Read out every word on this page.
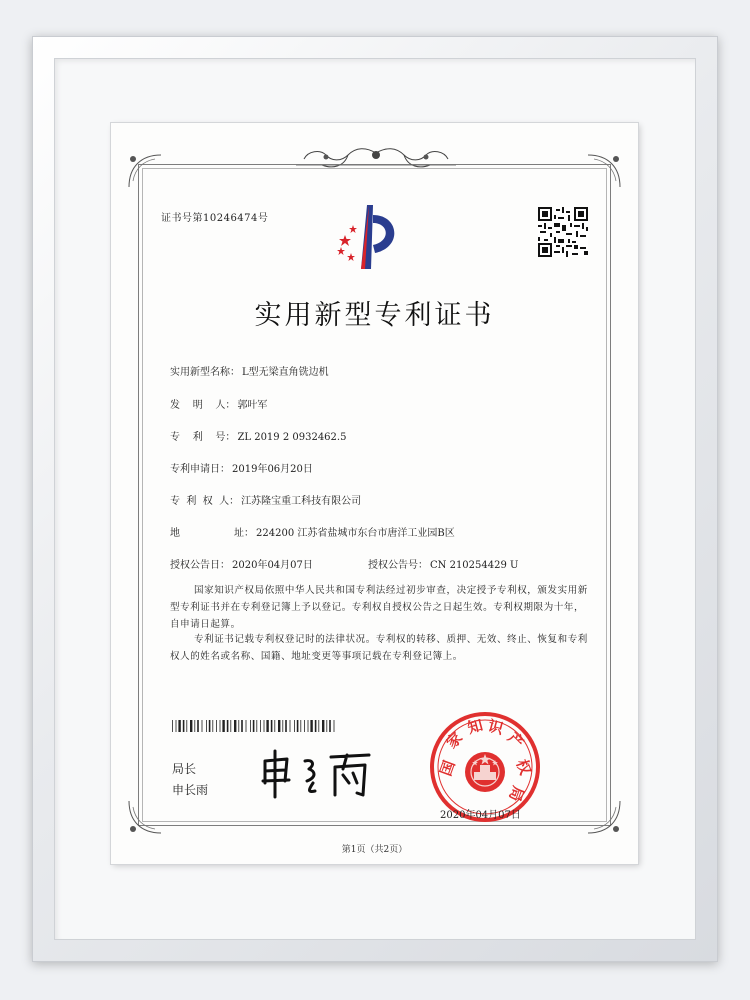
证书号第10246474号
实用新型专利证书
实用新型名称： L型无梁直角铣边机
发    明    人： 郭叶军
专    利    号： ZL 2019 2 0932462.5
专利申请日： 2019年06月20日
专  利  权  人： 江苏隆宝重工科技有限公司
地                 址： 224200 江苏省盐城市东台市唐洋工业园B区
授权公告日： 2020年04月07日	授权公告号： CN 210254429 U
国家知识产权局依照中华人民共和国专利法经过初步审查，决定授予专利权，颁发实用新型专利证书并在专利登记簿上予以登记。专利权自授权公告之日起生效。专利权期限为十年，自申请日起算。
专利证书记载专利权登记时的法律状况。专利权的转移、质押、无效、终止、恢复和专利权人的姓名或名称、国籍、地址变更等事项记载在专利登记簿上。
局长
申长雨
国
家
知 识
产
权
局
2020年04月07日
第1页（共2页）
